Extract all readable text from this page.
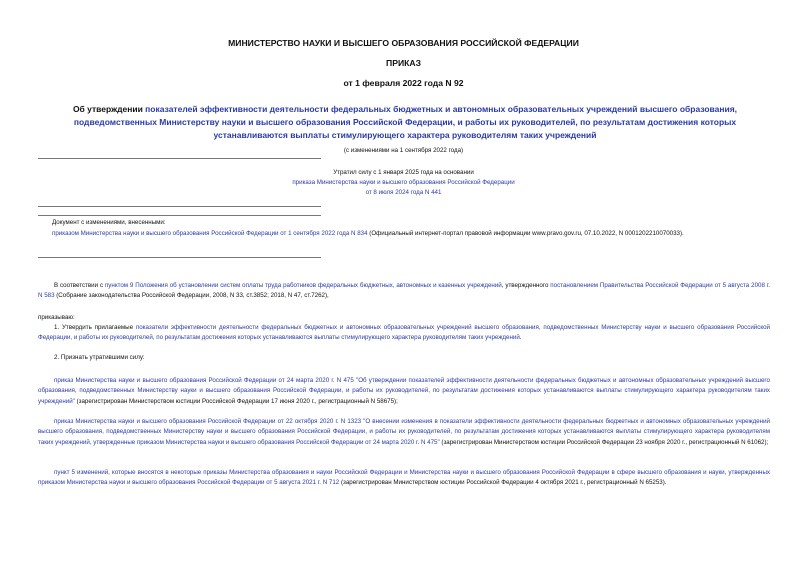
МИНИСТЕРСТВО НАУКИ И ВЫСШЕГО ОБРАЗОВАНИЯ РОССИЙСКОЙ ФЕДЕРАЦИИ
ПРИКАЗ
от 1 февраля 2022 года N 92
Об утверждении показателей эффективности деятельности федеральных бюджетных и автономных образовательных учреждений высшего образования, подведомственных Министерству науки и высшего образования Российской Федерации, и работы их руководителей, по результатам достижения которых устанавливаются выплаты стимулирующего характера руководителям таких учреждений
(с изменениями на 1 сентября 2022 года)
Утратил силу с 1 января 2025 года на основании
приказа Министерства науки и высшего образования Российской Федерации
от 8 июля 2024 года N 441
Документ с изменениями, внесенными:
приказом Министерства науки и высшего образования Российской Федерации от 1 сентября 2022 года N 834 (Официальный интернет-портал правовой информации www.pravo.gov.ru, 07.10.2022, N 0001202210070033).
В соответствии с пунктом 9 Положения об установлении систем оплаты труда работников федеральных бюджетных, автономных и казенных учреждений, утвержденного постановлением Правительства Российской Федерации от 5 августа 2008 г. N 583 (Собрание законодательства Российской Федерации, 2008, N 33, ст.3852; 2018, N 47, ст.7262),
приказываю:
1. Утвердить прилагаемые показатели эффективности деятельности федеральных бюджетных и автономных образовательных учреждений высшего образования, подведомственных Министерству науки и высшего образования Российской Федерации, и работы их руководителей, по результатам достижения которых устанавливаются выплаты стимулирующего характера руководителям таких учреждений.
2. Признать утратившими силу:
приказ Министерства науки и высшего образования Российской Федерации от 24 марта 2020 г. N 475 "Об утверждении показателей эффективности деятельности федеральных бюджетных и автономных образовательных учреждений высшего образования, подведомственных Министерству науки и высшего образования Российской Федерации, и работы их руководителей, по результатам достижения которых устанавливаются выплаты стимулирующего характера руководителям таких учреждений" (зарегистрирован Министерством юстиции Российской Федерации 17 июня 2020 г., регистрационный N 58675);
приказ Министерства науки и высшего образования Российской Федерации от 22 октября 2020 г. N 1323 "О внесении изменения в показатели эффективности деятельности федеральных бюджетных и автономных образовательных учреждений высшего образования, подведомственных Министерству науки и высшего образования Российской Федерации, и работы их руководителей, по результатам достижения которых устанавливаются выплаты стимулирующего характера руководителям таких учреждений, утвержденные приказом Министерства науки и высшего образования Российской Федерации от 24 марта 2020 г. N 475" (зарегистрирован Министерством юстиции Российской Федерации 23 ноября 2020 г., регистрационный N 61062);
пункт 5 изменений, которые вносятся в некоторые приказы Министерства образования и науки Российской Федерации и Министерства науки и высшего образования Российской Федерации в сфере высшего образования и науки, утвержденных приказом Министерства науки и высшего образования Российской Федерации от 5 августа 2021 г. N 712 (зарегистрирован Министерством юстиции Российской Федерации 4 октября 2021 г., регистрационный N 65253).
